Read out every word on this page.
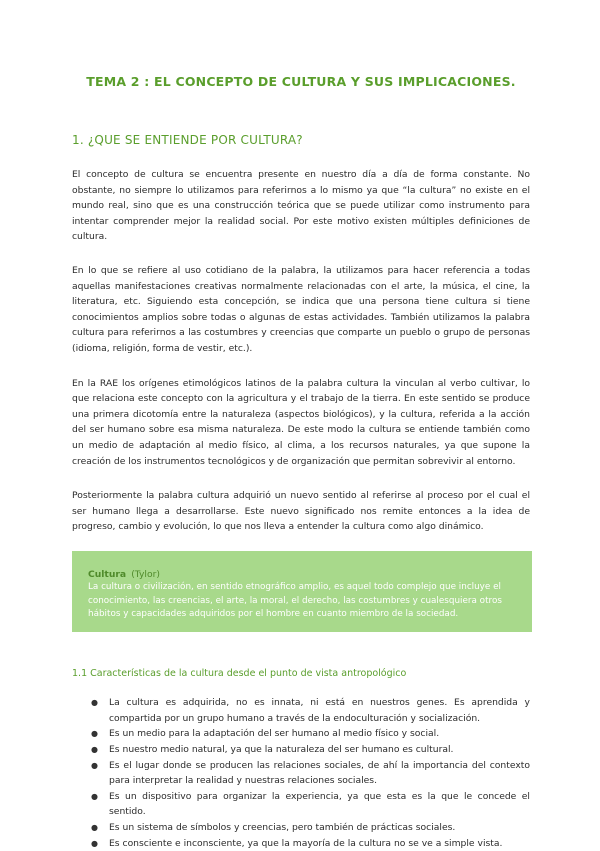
TEMA 2 : EL CONCEPTO DE CULTURA Y SUS IMPLICACIONES.
1. ¿QUE SE ENTIENDE POR CULTURA?

El concepto de cultura se encuentra presente en nuestro día a día de forma constante. No obstante, no siempre lo utilizamos para referirnos a lo mismo ya que “la cultura” no existe en el mundo real, sino que es una construcción teórica que se puede utilizar como instrumento para intentar comprender mejor la realidad social. Por este motivo existen múltiples definiciones de cultura.

En lo que se refiere al uso cotidiano de la palabra, la utilizamos para hacer referencia a todas aquellas manifestaciones creativas normalmente relacionadas con el arte, la música, el cine, la literatura, etc. Siguiendo esta concepción, se indica que una persona tiene cultura si tiene conocimientos amplios sobre todas o algunas de estas actividades. También utilizamos la palabra cultura para referirnos a las costumbres y creencias que comparte un pueblo o grupo de personas (idioma, religión, forma de vestir, etc.).

En la RAE los orígenes etimológicos latinos de la palabra cultura la vinculan al verbo cultivar, lo que relaciona este concepto con la agricultura y el trabajo de la tierra. En este sentido se produce una primera dicotomía entre la naturaleza (aspectos biológicos), y la cultura, referida a la acción del ser humano sobre esa misma naturaleza. De este modo la cultura se entiende también como un medio de adaptación al medio físico, al clima, a los recursos naturales, ya que supone la creación de los instrumentos tecnológicos y de organización que permitan sobrevivir al entorno.

Posteriormente la palabra cultura adquirió un nuevo sentido al referirse al proceso por el cual el ser humano llega a desarrollarse. Este nuevo significado nos remite entonces a la idea de progreso, cambio y evolución, lo que nos lleva a entender la cultura como algo dinámico.

Cultura (Tylor)
La cultura o civilización, en sentido etnográfico amplio, es aquel todo complejo que incluye el conocimiento, las creencias, el arte, la moral, el derecho, las costumbres y cualesquiera otros hábitos y capacidades adquiridos por el hombre en cuanto miembro de la sociedad.
1.1 Características de la cultura desde el punto de vista antropológico
● La cultura es adquirida, no es innata, ni está en nuestros genes. Es aprendida y compartida por un grupo humano a través de la endoculturación y socialización.
● Es un medio para la adaptación del ser humano al medio físico y social.
● Es nuestro medio natural, ya que la naturaleza del ser humano es cultural.
● Es el lugar donde se producen las relaciones sociales, de ahí la importancia del contexto para interpretar la realidad y nuestras relaciones sociales.
● Es un dispositivo para organizar la experiencia, ya que esta es la que le concede el sentido.
● Es un sistema de símbolos y creencias, pero también de prácticas sociales.
● Es consciente e inconsciente, ya que la mayoría de la cultura no se ve a simple vista.
